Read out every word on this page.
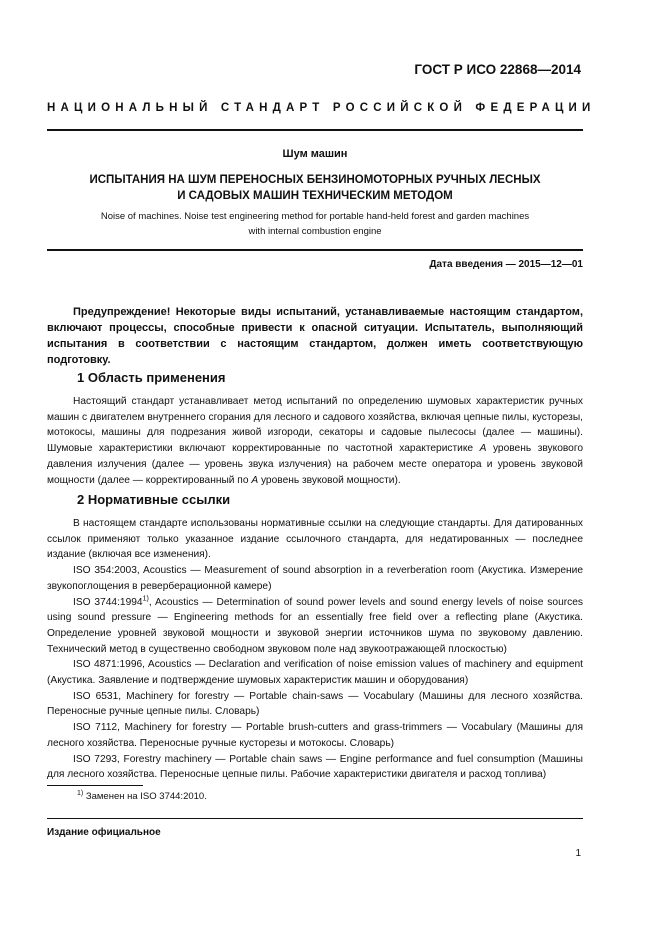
ГОСТ Р ИСО 22868—2014
НАЦИОНАЛЬНЫЙ СТАНДАРТ РОССИЙСКОЙ ФЕДЕРАЦИИ
Шум машин
ИСПЫТАНИЯ НА ШУМ ПЕРЕНОСНЫХ БЕНЗИНОМОТОРНЫХ РУЧНЫХ ЛЕСНЫХ
И САДОВЫХ МАШИН ТЕХНИЧЕСКИМ МЕТОДОМ
Noise of machines. Noise test engineering method for portable hand-held forest and garden machines
with internal combustion engine
Дата введения — 2015—12—01
Предупреждение! Некоторые виды испытаний, устанавливаемые настоящим стандартом, включают процессы, способные привести к опасной ситуации. Испытатель, выполняющий испытания в соответствии с настоящим стандартом, должен иметь соответствующую подготовку.
1 Область применения

Настоящий стандарт устанавливает метод испытаний по определению шумовых характеристик ручных машин с двигателем внутреннего сгорания для лесного и садового хозяйства, включая цепные пилы, кусторезы, мотокосы, машины для подрезания живой изгороди, секаторы и садовые пылесосы (далее — машины). Шумовые характеристики включают корректированные по частотной характеристике A уровень звукового давления излучения (далее — уровень звука излучения) на рабочем месте оператора и уровень звуковой мощности (далее — корректированный по A уровень звуковой мощности).

2 Нормативные ссылки

В настоящем стандарте использованы нормативные ссылки на следующие стандарты. Для датированных ссылок применяют только указанное издание ссылочного стандарта, для недатированных — последнее издание (включая все изменения).

ISO 354:2003, Acoustics — Measurement of sound absorption in a reverberation room (Акустика. Измерение звукопоглощения в реверберационной камере)

ISO 3744:1994$^{1)}$, Acoustics — Determination of sound power levels and sound energy levels of noise sources using sound pressure — Engineering methods for an essentially free field over a reflecting plane (Акустика. Определение уровней звуковой мощности и звуковой энергии источников шума по звуковому давлению. Технический метод в существенно свободном звуковом поле над звукоотражающей плоскостью)

ISO 4871:1996, Acoustics — Declaration and verification of noise emission values of machinery and equipment (Акустика. Заявление и подтверждение шумовых характеристик машин и оборудования)

ISO 6531, Machinery for forestry — Portable chain-saws — Vocabulary (Машины для лесного хозяйства. Переносные ручные цепные пилы. Словарь)

ISO 7112, Machinery for forestry — Portable brush-cutters and grass-trimmers — Vocabulary (Машины для лесного хозяйства. Переносные ручные кусторезы и мотокосы. Словарь)

ISO 7293, Forestry machinery — Portable chain saws — Engine performance and fuel consumption (Машины для лесного хозяйства. Переносные цепные пилы. Рабочие характеристики двигателя и расход топлива)

$^{1)}$ Заменен на ISO 3744:2010.
Издание официальное
1
